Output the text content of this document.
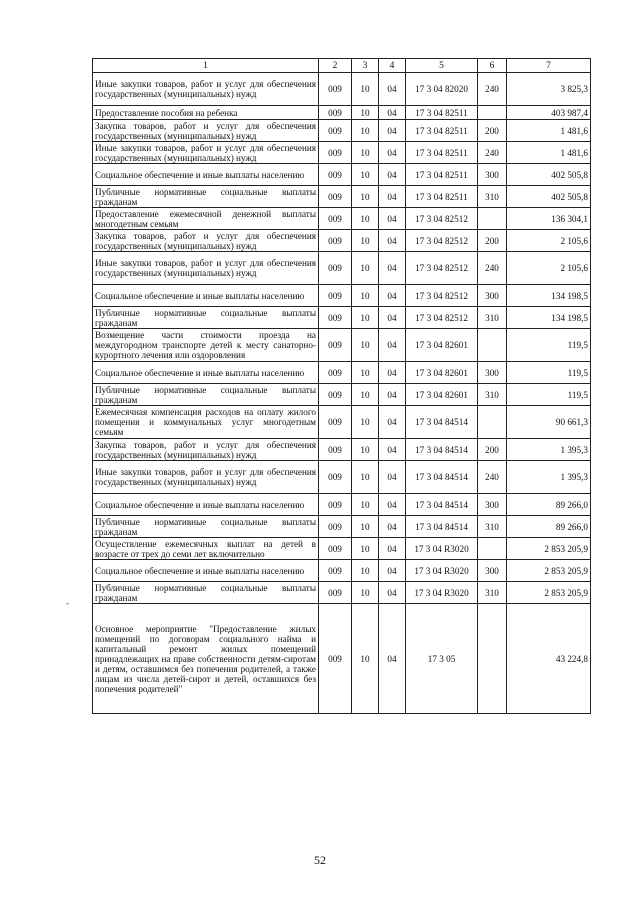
1	2	3	4	5	6	7
Иные закупки товаров, работ и услуг для обеспечения государственных (муниципальных) нужд	009	10	04	17 3 04 82020	240	3 825,3
Предоставление пособия на ребенка	009	10	04	17 3 04 82511		403 987,4
Закупка товаров, работ и услуг для обеспечения государственных (муниципальных) нужд	009	10	04	17 3 04 82511	200	1 481,6
Иные закупки товаров, работ и услуг для обеспечения государственных (муниципальных) нужд	009	10	04	17 3 04 82511	240	1 481,6
Социальное обеспечение и иные выплаты населению	009	10	04	17 3 04 82511	300	402 505,8
Публичные нормативные социальные выплаты гражданам	009	10	04	17 3 04 82511	310	402 505,8
Предоставление ежемесячной денежной выплаты многодетным семьям	009	10	04	17 3 04 82512		136 304,1
Закупка товаров, работ и услуг для обеспечения государственных (муниципальных) нужд	009	10	04	17 3 04 82512	200	2 105,6
Иные закупки товаров, работ и услуг для обеспечения государственных (муниципальных) нужд	009	10	04	17 3 04 82512	240	2 105,6
Социальное обеспечение и иные выплаты населению	009	10	04	17 3 04 82512	300	134 198,5
Публичные нормативные социальные выплаты гражданам	009	10	04	17 3 04 82512	310	134 198,5
Возмещение части стоимости проезда на междугородном транспорте детей к месту санаторно-курортного лечения или оздоровления	009	10	04	17 3 04 82601		119,5
Социальное обеспечение и иные выплаты населению	009	10	04	17 3 04 82601	300	119,5
Публичные нормативные социальные выплаты гражданам	009	10	04	17 3 04 82601	310	119,5
Ежемесячная компенсация расходов на оплату жилого помещения и коммунальных услуг многодетным семьям	009	10	04	17 3 04 84514		90 661,3
Закупка товаров, работ и услуг для обеспечения государственных (муниципальных) нужд	009	10	04	17 3 04 84514	200	1 395,3
Иные закупки товаров, работ и услуг для обеспечения государственных (муниципальных) нужд	009	10	04	17 3 04 84514	240	1 395,3
Социальное обеспечение и иные выплаты населению	009	10	04	17 3 04 84514	300	89 266,0
Публичные нормативные социальные выплаты гражданам	009	10	04	17 3 04 84514	310	89 266,0
Осуществление ежемесячных выплат на детей в возрасте от трех до семи лет включительно	009	10	04	17 3 04 R3020		2 853 205,9
Социальное обеспечение и иные выплаты населению	009	10	04	17 3 04 R3020	300	2 853 205,9
Публичные нормативные социальные выплаты гражданам	009	10	04	17 3 04 R3020	310	2 853 205,9
Основное мероприятие "Предоставление жилых помещений по договорам социального найма и капитальный ремонт жилых помещений принадлежащих на праве собственности детям-сиротам и детям, оставшимся без попечения родителей, а также лицам из числа детей-сирот и детей, оставшихся без попечения родителей"	009	10	04	17 3 05		43 224,8
-
52
